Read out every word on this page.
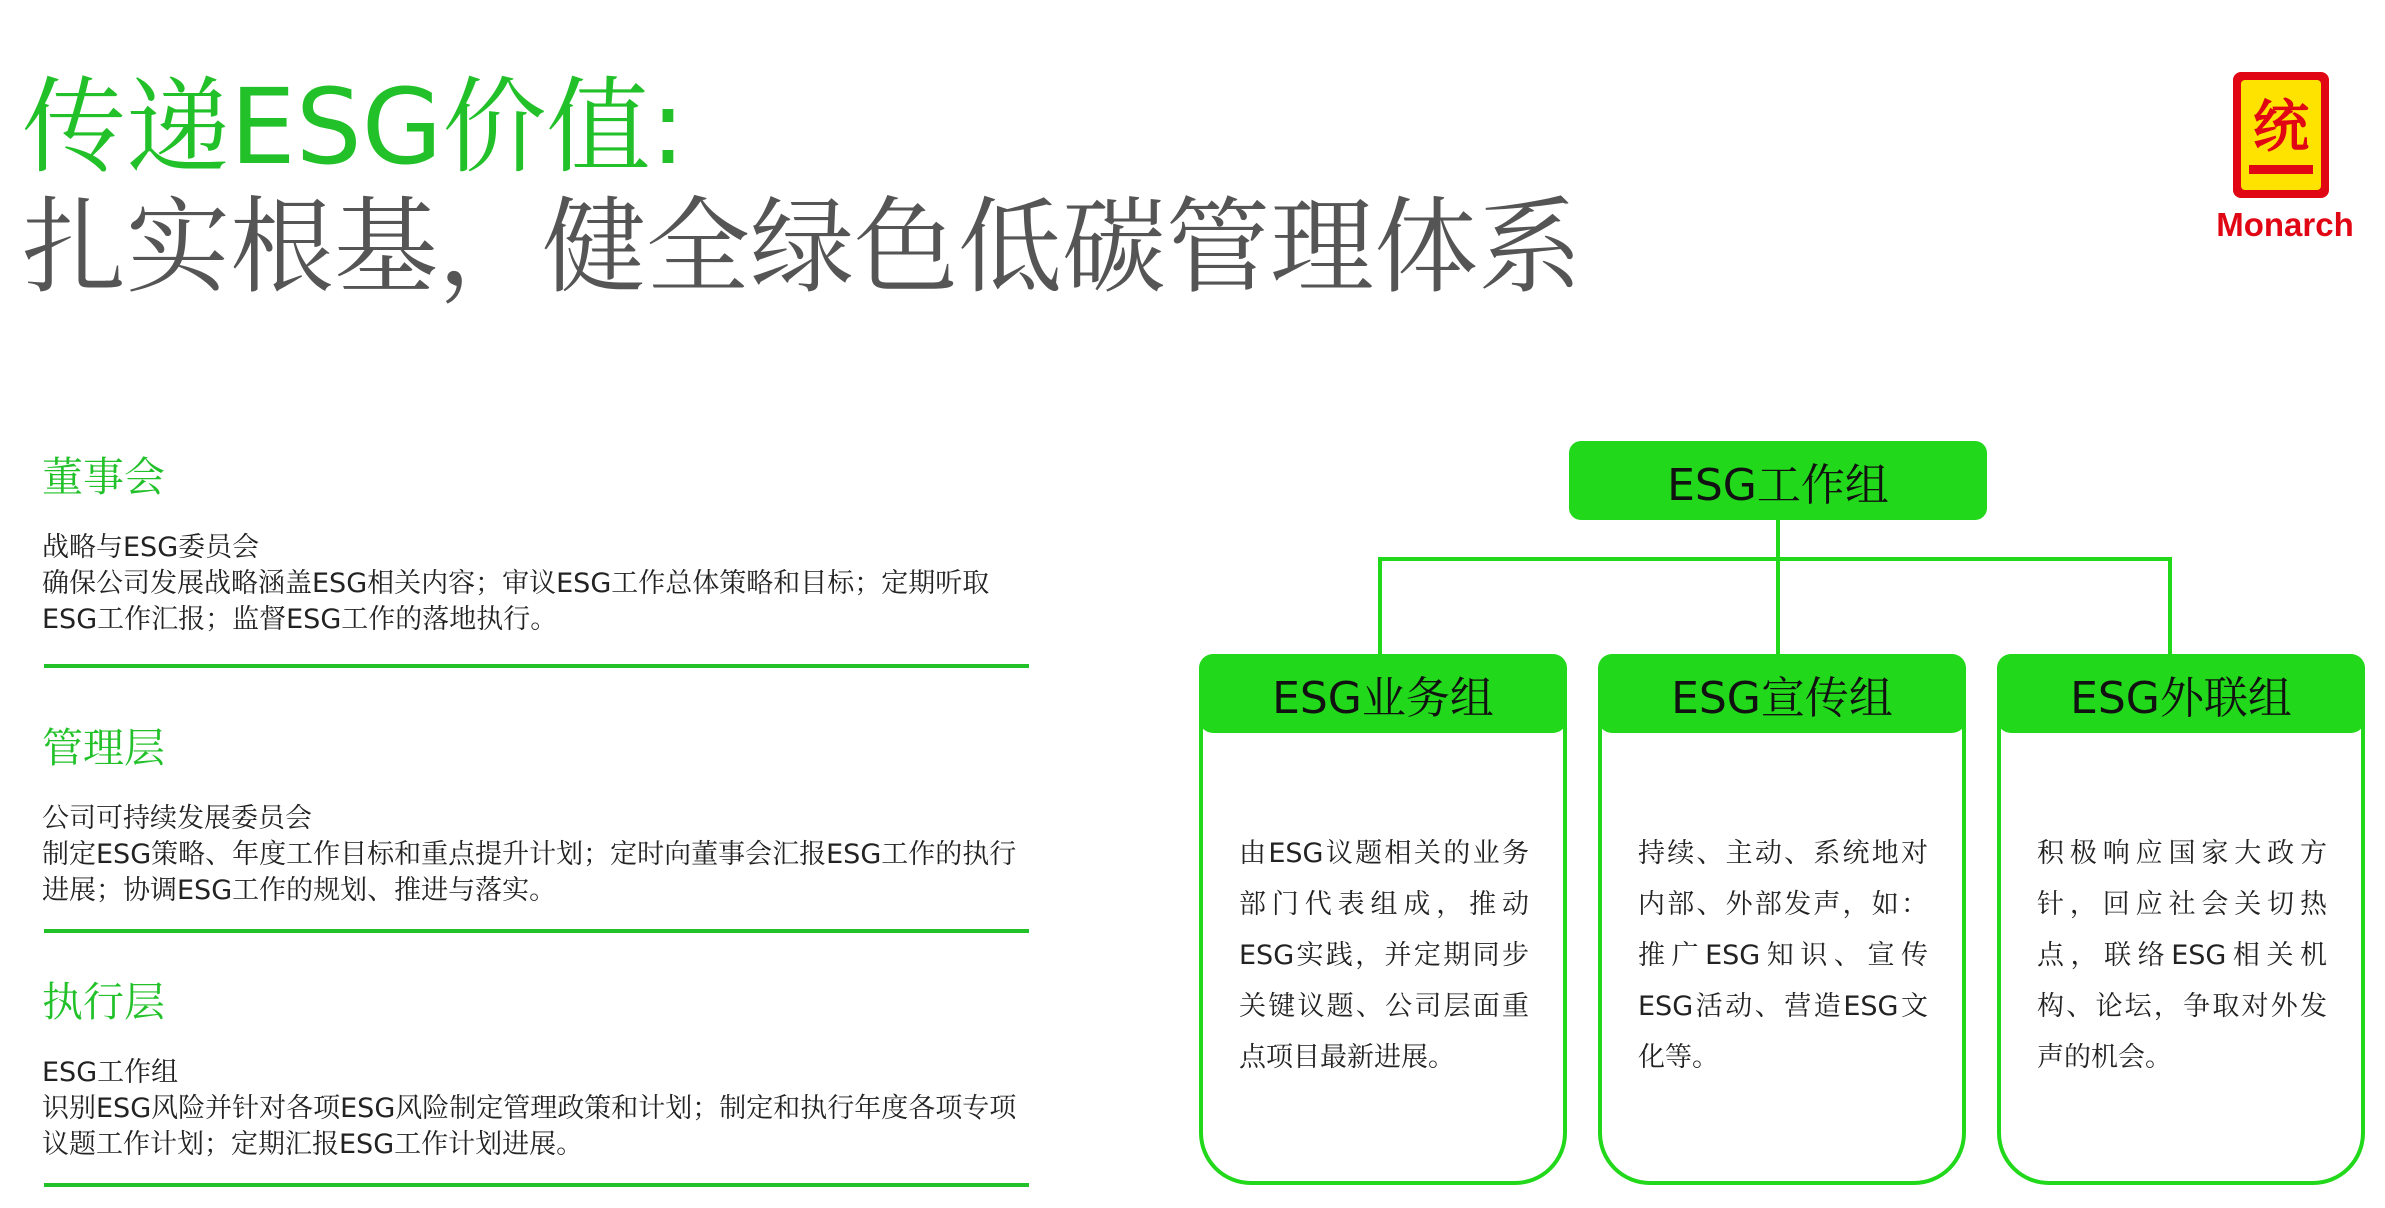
传递ESG价值:
扎实根基，健全绿色低碳管理体系
统
Monarch
董事会
战略与ESG委员会
确保公司发展战略涵盖ESG相关内容；审议ESG工作总体策略和目标；定期听取ESG工作汇报；监督ESG工作的落地执行。
管理层
公司可持续发展委员会
制定ESG策略、年度工作目标和重点提升计划；定时向董事会汇报ESG工作的执行进展；协调ESG工作的规划、推进与落实。
执行层
ESG工作组
识别ESG风险并针对各项ESG风险制定管理政策和计划；制定和执行年度各项专项议题工作计划；定期汇报ESG工作计划进展。
ESG工作组
ESG业务组
由ESG议题相关的业务部门代表组成，推动ESG实践，并定期同步关键议题、公司层面重点项目最新进展。
ESG宣传组
持续、主动、系统地对内部、外部发声，如：推广ESG知识、宣传ESG活动、营造ESG文化等。
ESG外联组
积极响应国家大政方针，回应社会关切热点，联络ESG相关机构、论坛，争取对外发声的机会。
